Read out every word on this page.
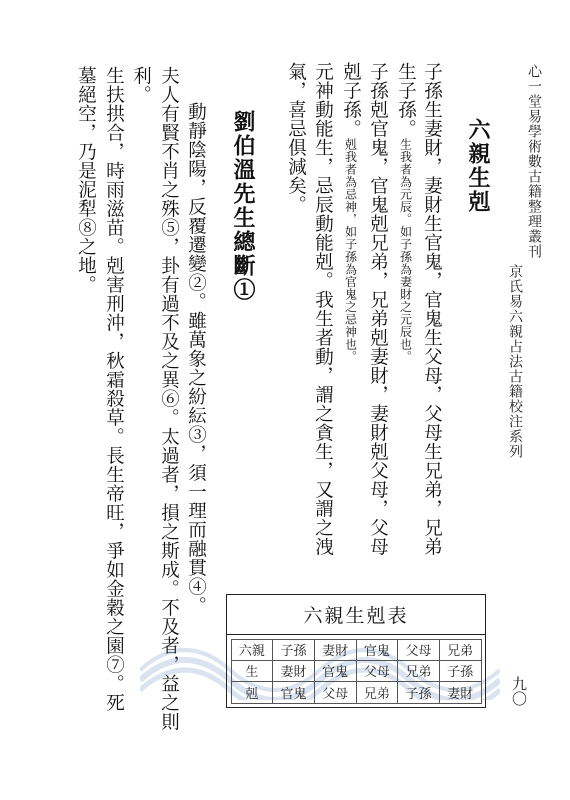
心一堂易學術數古籍整理叢刊
京氏易六親占法古籍校注系列
六親生剋
子孫生妻財，妻財生官鬼，官鬼生父母，父母生兄弟，兄弟
生子孫。生我者為元辰。如子孫為妻財之元辰也。
子孫剋官鬼，官鬼剋兄弟，兄弟剋妻財，妻財剋父母，父母
剋子孫。剋我者為忌神，如子孫為官鬼之忌神也。
元神動能生，忌辰動能剋。我生者動，謂之貪生，又謂之洩
氣，喜忌俱減矣。
劉伯溫先生總斷①
動靜陰陽，反覆遷變②。雖萬象之紛紜③，須一理而融貫④。
夫人有賢不肖之殊⑤，卦有過不及之異⑥。太過者，損之斯成。不及者，益之則
利。
生扶拱合，時雨滋苗。剋害刑沖，秋霜殺草。長生帝旺，爭如金穀之園⑦。死
墓絕空，乃是泥犁⑧之地。
六親生剋表
六親	子孫	妻財	官鬼	父母	兄弟
生	妻財	官鬼	父母	兄弟	子孫
剋	官鬼	父母	兄弟	子孫	妻財	九〇
